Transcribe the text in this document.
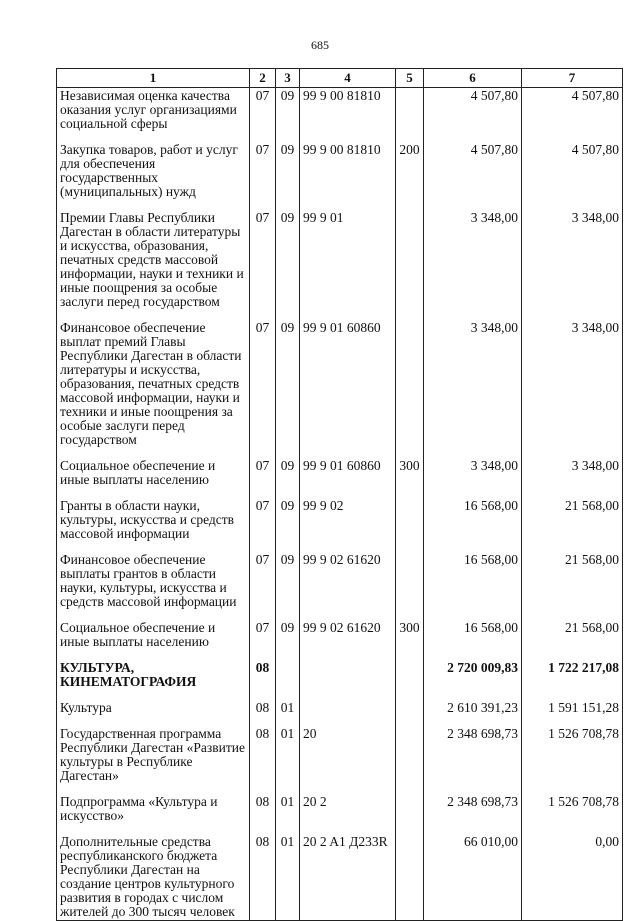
685
1	2	3	4	5	6	7
Независимая оценка качества оказания услуг организациями социальной сферы	07	09	99 9 00 81810		4 507,80	4 507,80

Закупка товаров, работ и услуг для обеспечения государственных (муниципальных) нужд	07	09	99 9 00 81810	200	4 507,80	4 507,80

Премии Главы Республики Дагестан в области литературы и искусства, образования, печатных средств массовой информации, науки и техники и иные поощрения за особые заслуги перед государством	07	09	99 9 01		3 348,00	3 348,00

Финансовое обеспечение выплат премий Главы Республики Дагестан в области литературы и искусства, образования, печатных средств массовой информации, науки и техники и иные поощрения за особые заслуги перед государством	07	09	99 9 01 60860		3 348,00	3 348,00

Социальное обеспечение и иные выплаты населению	07	09	99 9 01 60860	300	3 348,00	3 348,00

Гранты в области науки, культуры, искусства и средств массовой информации	07	09	99 9 02		16 568,00	21 568,00

Финансовое обеспечение выплаты грантов в области науки, культуры, искусства и средств массовой информации	07	09	99 9 02 61620		16 568,00	21 568,00

Социальное обеспечение и иные выплаты населению	07	09	99 9 02 61620	300	16 568,00	21 568,00

КУЛЬТУРА, КИНЕМАТОГРАФИЯ	08				2 720 009,83	1 722 217,08

Культура	08	01			2 610 391,23	1 591 151,28

Государственная программа Республики Дагестан «Развитие культуры в Республике Дагестан»	08	01	20		2 348 698,73	1 526 708,78

Подпрограмма «Культура и искусство»	08	01	20 2		2 348 698,73	1 526 708,78

Дополнительные средства республиканского бюджета Республики Дагестан на создание центров культурного развития в городах с числом жителей до 300 тысяч человек	08	01	20 2 A1 Д233R		66 010,00	0,00
